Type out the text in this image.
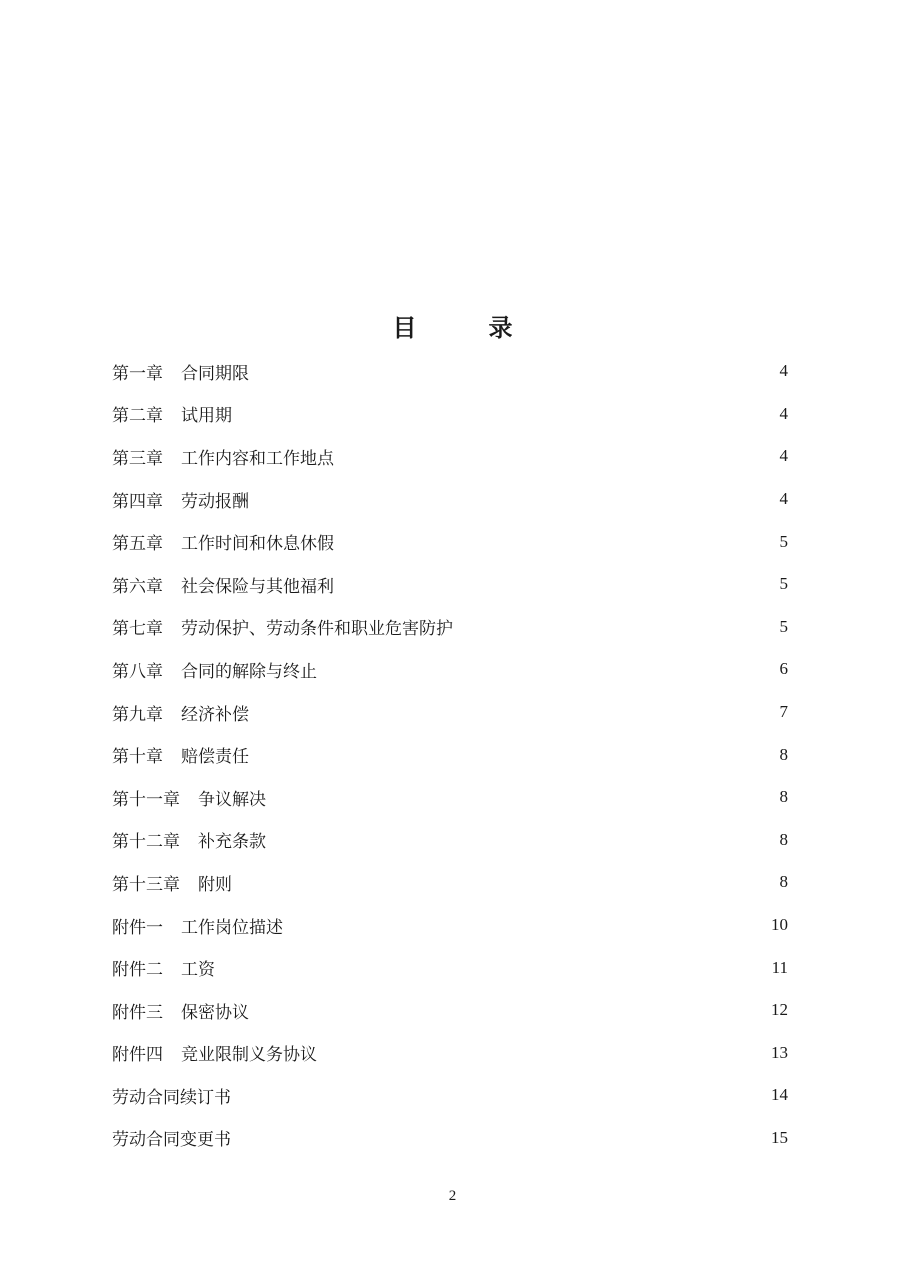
目	录
第一章 合同期限	4
第二章 试用期	4
第三章 工作内容和工作地点	4
第四章 劳动报酬	4
第五章 工作时间和休息休假	5
第六章 社会保险与其他福利	5
第七章 劳动保护、劳动条件和职业危害防护	5
第八章 合同的解除与终止	6
第九章 经济补偿	7
第十章 赔偿责任	8
第十一章 争议解决	8
第十二章 补充条款	8
第十三章 附则	8
附件一 工作岗位描述	10
附件二 工资	11
附件三 保密协议	12
附件四 竞业限制义务协议	13
劳动合同续订书	14
劳动合同变更书	15
2
